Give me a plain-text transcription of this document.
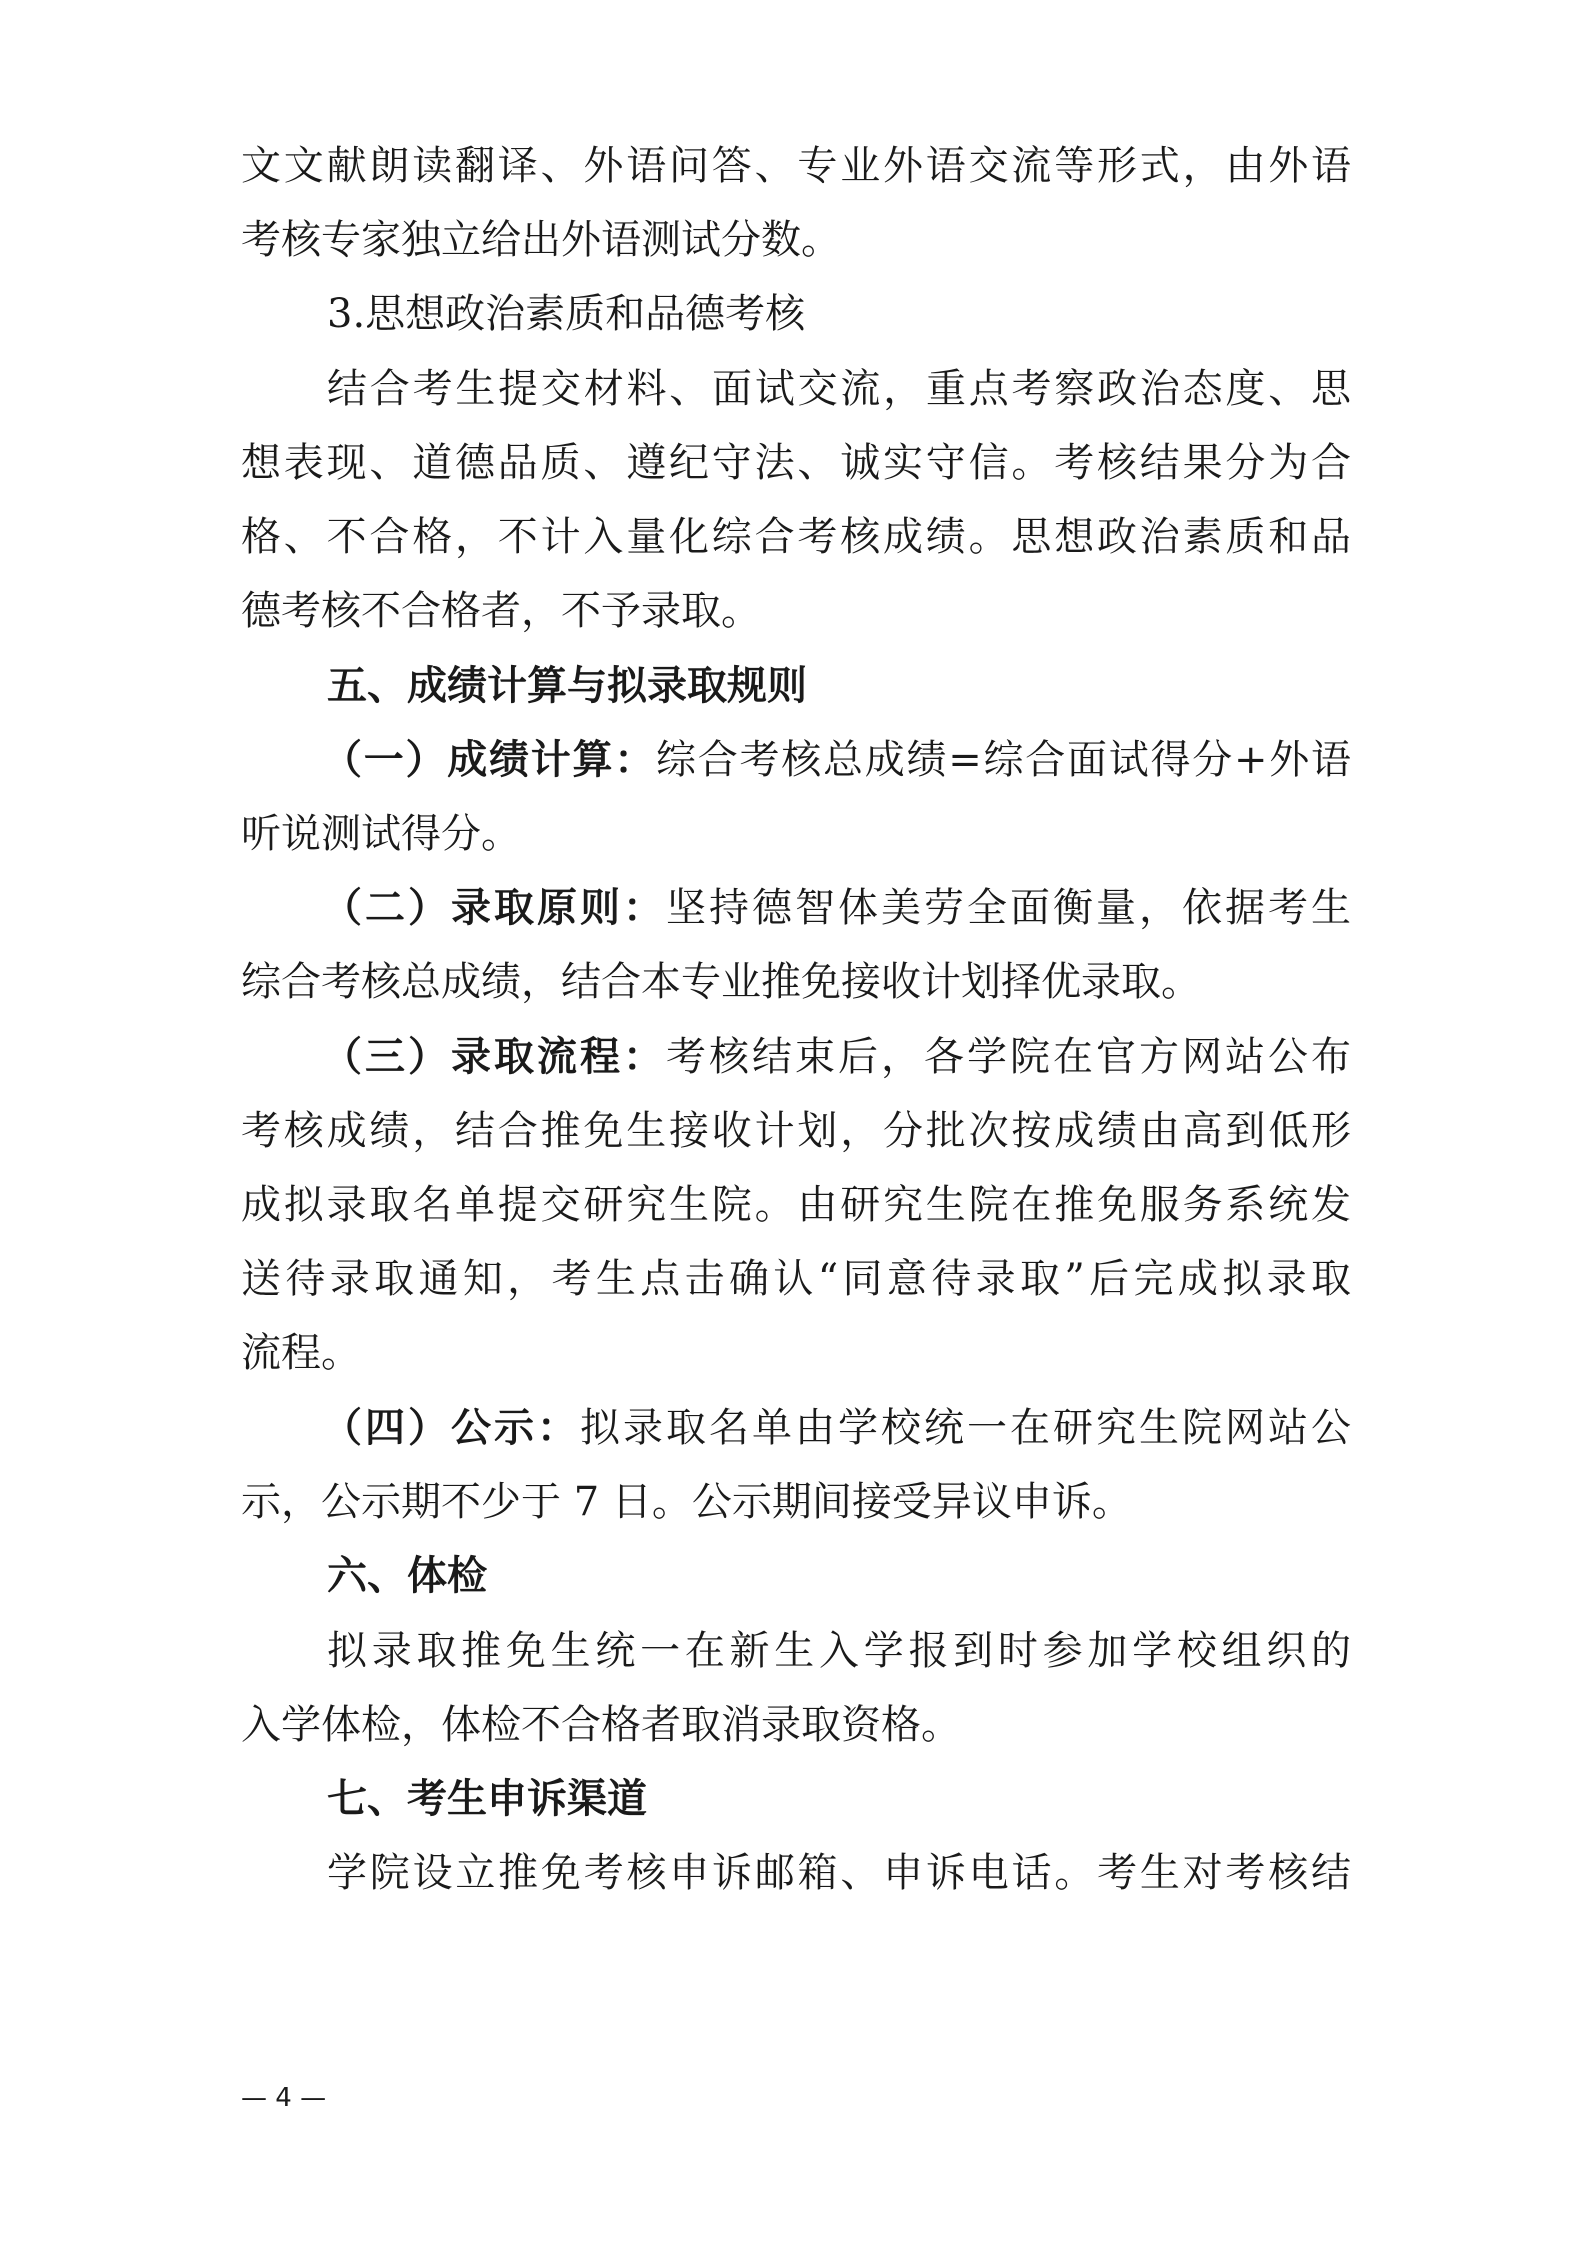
文文献朗读翻译、外语问答、专业外语交流等形式，由外语
考核专家独立给出外语测试分数。
3.思想政治素质和品德考核
结合考生提交材料、面试交流，重点考察政治态度、思
想表现、道德品质、遵纪守法、诚实守信。考核结果分为合
格、不合格，不计入量化综合考核成绩。思想政治素质和品
德考核不合格者，不予录取。
五、成绩计算与拟录取规则
（一）成绩计算：综合考核总成绩=综合面试得分+外语
听说测试得分。
（二）录取原则：坚持德智体美劳全面衡量，依据考生
综合考核总成绩，结合本专业推免接收计划择优录取。
（三）录取流程：考核结束后，各学院在官方网站公布
考核成绩，结合推免生接收计划，分批次按成绩由高到低形
成拟录取名单提交研究生院。由研究生院在推免服务系统发
送待录取通知，考生点击确认“同意待录取”后完成拟录取
流程。
（四）公示：拟录取名单由学校统一在研究生院网站公
示，公示期不少于 7 日。公示期间接受异议申诉。
六、体检
拟录取推免生统一在新生入学报到时参加学校组织的
入学体检，体检不合格者取消录取资格。
七、考生申诉渠道
学院设立推免考核申诉邮箱、申诉电话。考生对考核结
— 4 —
